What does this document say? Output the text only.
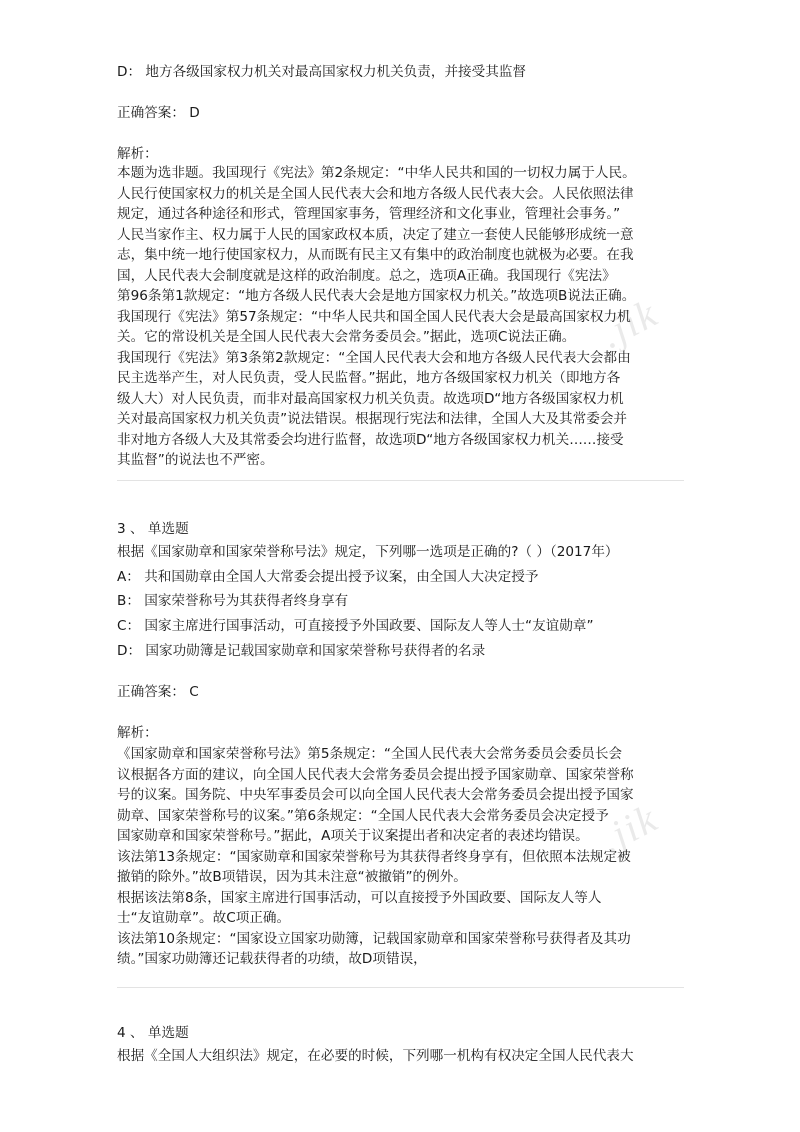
.jik
.jik
D： 地方各级国家权力机关对最高国家权力机关负责，并接受其监督
正确答案： D
解析：
本题为选非题。我国现行《宪法》第2条规定：“中华人民共和国的一切权力属于人民。
人民行使国家权力的机关是全国人民代表大会和地方各级人民代表大会。人民依照法律
规定，通过各种途径和形式，管理国家事务，管理经济和文化事业，管理社会事务。”
人民当家作主、权力属于人民的国家政权本质，决定了建立一套使人民能够形成统一意
志，集中统一地行使国家权力，从而既有民主又有集中的政治制度也就极为必要。在我
国，人民代表大会制度就是这样的政治制度。总之，选项A正确。我国现行《宪法》
第96条第1款规定：“地方各级人民代表大会是地方国家权力机关。”故选项B说法正确。
我国现行《宪法》第57条规定：“中华人民共和国全国人民代表大会是最高国家权力机
关。它的常设机关是全国人民代表大会常务委员会。”据此，选项C说法正确。
我国现行《宪法》第3条第2款规定：“全国人民代表大会和地方各级人民代表大会都由
民主选举产生，对人民负责，受人民监督。”据此，地方各级国家权力机关（即地方各
级人大）对人民负责，而非对最高国家权力机关负责。故选项D“地方各级国家权力机
关对最高国家权力机关负责”说法错误。根据现行宪法和法律，全国人大及其常委会并
非对地方各级人大及其常委会均进行监督，故选项D“地方各级国家权力机关……接受
其监督”的说法也不严密。
3 、 单选题
根据《国家勋章和国家荣誉称号法》规定，下列哪一选项是正确的?（ ）（2017年）
A： 共和国勋章由全国人大常委会提出授予议案，由全国人大决定授予
B： 国家荣誉称号为其获得者终身享有
C： 国家主席进行国事活动，可直接授予外国政要、国际友人等人士“友谊勋章”
D： 国家功勋簿是记载国家勋章和国家荣誉称号获得者的名录
正确答案： C
解析：
《国家勋章和国家荣誉称号法》第5条规定：“全国人民代表大会常务委员会委员长会
议根据各方面的建议，向全国人民代表大会常务委员会提出授予国家勋章、国家荣誉称
号的议案。国务院、中央军事委员会可以向全国人民代表大会常务委员会提出授予国家
勋章、国家荣誉称号的议案。”第6条规定：“全国人民代表大会常务委员会决定授予
国家勋章和国家荣誉称号。”据此，A项关于议案提出者和决定者的表述均错误。
该法第13条规定：“国家勋章和国家荣誉称号为其获得者终身享有，但依照本法规定被
撤销的除外。”故B项错误，因为其未注意“被撤销”的例外。
根据该法第8条，国家主席进行国事活动，可以直接授予外国政要、国际友人等人
士“友谊勋章”。故C项正确。
该法第10条规定：“国家设立国家功勋簿，记载国家勋章和国家荣誉称号获得者及其功
绩。”国家功勋簿还记载获得者的功绩，故D项错误，
4 、 单选题
根据《全国人大组织法》规定，在必要的时候，下列哪一机构有权决定全国人民代表大
